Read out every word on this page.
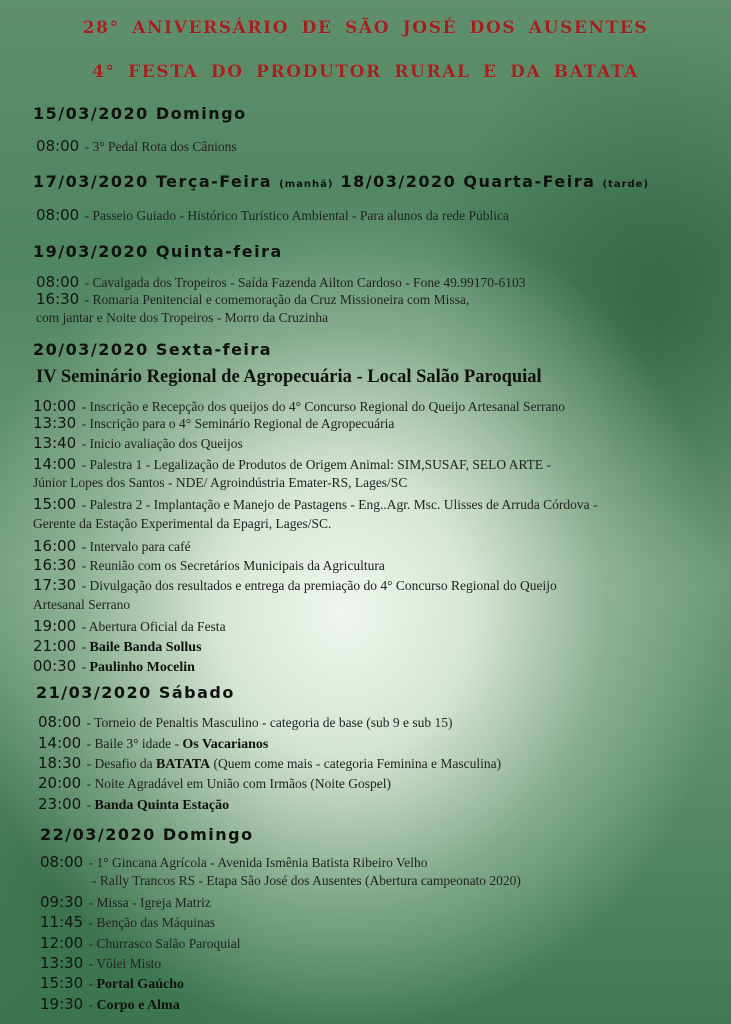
28° ANIVERSÁRIO DE SÃO JOSÉ DOS AUSENTES
4° FESTA DO PRODUTOR RURAL E DA BATATA
15/03/2020 Domingo
08:00 - 3° Pedal Rota dos Cânions
17/03/2020 Terça-Feira (manhã) 18/03/2020 Quarta-Feira (tarde)
08:00 - Passeio Guiado - Histórico Turístico Ambiental - Para alunos da rede Pública
19/03/2020 Quinta-feira
08:00 - Cavalgada dos Tropeiros - Saída Fazenda Ailton Cardoso - Fone 49.99170-6103
16:30 - Romaria Penitencial e comemoração da Cruz Missioneira com Missa,
com jantar e Noite dos Tropeiros - Morro da Cruzinha
20/03/2020 Sexta-feira
IV Seminário Regional de Agropecuária - Local Salão Paroquial
10:00 - Inscrição e Recepção dos queijos do 4° Concurso Regional do Queijo Artesanal Serrano
13:30 - Inscrição para o 4° Seminário Regional de Agropecuária
13:40 - Inicio avaliação dos Queijos
14:00 - Palestra 1 - Legalização de Produtos de Origem Animal: SIM,SUSAF, SELO ARTE -
Júnior Lopes dos Santos - NDE/ Agroindústria Emater-RS, Lages/SC
15:00 - Palestra 2 - Implantação e Manejo de Pastagens - Eng..Agr. Msc. Ulisses de Arruda Córdova -
Gerente da Estação Experimental da Epagri, Lages/SC.
16:00 - Intervalo para café
16:30 - Reunião com os Secretários Municipais da Agricultura
17:30 - Divulgação dos resultados e entrega da premiação do 4° Concurso Regional do Queijo
Artesanal Serrano
19:00 - Abertura Oficial da Festa
21:00 - Baile Banda Sollus
00:30 - Paulinho Mocelin
21/03/2020 Sábado
08:00 - Torneio de Penaltis Masculino - categoria de base (sub 9 e sub 15)
14:00 - Baile 3° idade - Os Vacarianos
18:30 - Desafio da BATATA (Quem come mais - categoria Feminina e Masculina)
20:00 - Noite Agradável em União com Irmãos (Noite Gospel)
23:00 - Banda Quinta Estação
22/03/2020 Domingo
08:00 - 1° Gincana Agrícola - Avenida Ismênia Batista Ribeiro Velho
- Rally Trancos RS - Etapa São José dos Ausentes (Abertura campeonato 2020)
09:30 - Missa - Igreja Matriz
11:45 - Benção das Máquinas
12:00 - Churrasco Salão Paroquial
13:30 - Vôlei Misto
15:30 - Portal Gaúcho
19:30 - Corpo e Alma
